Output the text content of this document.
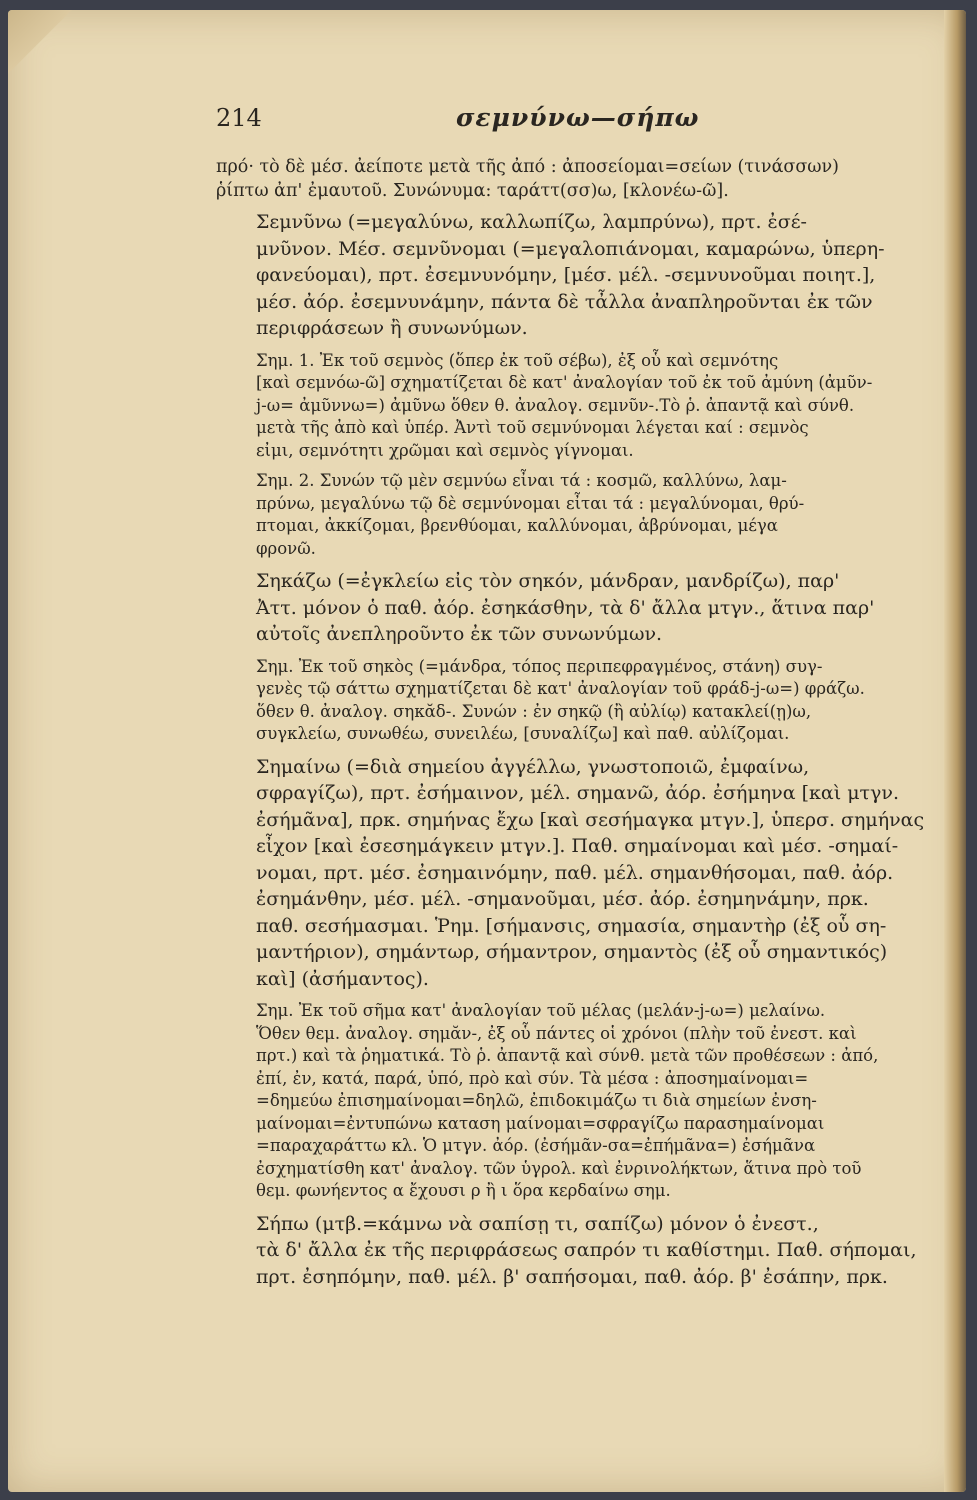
214	σεμνύνω—σήπω

πρό· τὸ δὲ μέσ. ἀείποτε μετὰ τῆς ἀπό : ἀποσείομαι=σείων (τινάσσων)
ῥίπτω ἀπ' ἐμαυτοῦ. Συνώνυμα: ταράττ(σσ)ω, [κλονέω-ῶ].

Σεμνῦνω (=μεγαλύνω, καλλωπίζω, λαμπρύνω), πρτ. ἐσέ-
μνῦνον. Μέσ. σεμνῦνομαι (=μεγαλοπιάνομαι, καμαρώνω, ὑπερη-
φανεύομαι), πρτ. ἐσεμνυνόμην, [μέσ. μέλ. -σεμνυνοῦμαι ποιητ.],
μέσ. ἀόρ. ἐσεμνυνάμην, πάντα δὲ τἆλλα ἀναπληροῦνται ἐκ τῶν
περιφράσεων ἢ συνωνύμων.

Σημ. 1. Ἐκ τοῦ σεμνὸς (ὅπερ ἐκ τοῦ σέβω), ἐξ οὗ καὶ σεμνότης
[καὶ σεμνόω-ῶ] σχηματίζεται δὲ κατ' ἀναλογίαν τοῦ ἐκ τοῦ ἀμύνη (ἀμῦν-
j-ω= ἀμῦννω=) ἀμῦνω ὅθεν θ. ἀναλογ. σεμνῦν-.Τὸ ῥ. ἀπαντᾷ καὶ σύνθ.
μετὰ τῆς ἀπὸ καὶ ὑπέρ. Ἀντὶ τοῦ σεμνύνομαι λέγεται καί : σεμνὸς
εἰμι, σεμνότητι χρῶμαι καὶ σεμνὸς γίγνομαι.

Σημ. 2. Συνών τῷ μὲν σεμνύω εἶναι τά : κοσμῶ, καλλύνω, λαμ-
πρύνω, μεγαλύνω τῷ δὲ σεμνύνομαι εἶται τά : μεγαλύνομαι, θρύ-
πτομαι, ἀκκίζομαι, βρενθύομαι, καλλύνομαι, ἁβρύνομαι, μέγα
φρονῶ.

Σηκάζω (=ἐγκλείω εἰς τὸν σηκόν, μάνδραν, μανδρίζω), παρ'
Ἀττ. μόνον ὁ παθ. ἀόρ. ἐσηκάσθην, τὰ δ' ἄλλα μτγν., ἅτινα παρ'
αὐτοῖς ἀνεπληροῦντο ἐκ τῶν συνωνύμων.

Σημ. Ἐκ τοῦ σηκὸς (=μάνδρα, τόπος περιπεφραγμένος, στάνη) συγ-
γενὲς τῷ σάττω σχηματίζεται δὲ κατ' ἀναλογίαν τοῦ φράδ-j-ω=) φράζω.
ὅθεν θ. ἀναλογ. σηκᾰδ-. Συνών : ἐν σηκῷ (ἢ αὐλίῳ) κατακλεί(ῃ)ω,
συγκλείω, συνωθέω, συνειλέω, [συναλίζω] καὶ παθ. αὐλίζομαι.

Σημαίνω (=διὰ σημείου ἀγγέλλω, γνωστοποιῶ, ἐμφαίνω,
σφραγίζω), πρτ. ἐσήμαινον, μέλ. σημανῶ, ἀόρ. ἐσήμηνα [καὶ μτγν.
ἐσήμᾶνα], πρκ. σημήνας ἔχω [καὶ σεσήμαγκα μτγν.], ὑπερσ. σημήνας
εἶχον [καὶ ἐσεσημάγκειν μτγν.]. Παθ. σημαίνομαι καὶ μέσ. -σημαί-
νομαι, πρτ. μέσ. ἐσημαινόμην, παθ. μέλ. σημανθήσομαι, παθ. ἀόρ.
ἐσημάνθην, μέσ. μέλ. -σημανοῦμαι, μέσ. ἀόρ. ἐσημηνάμην, πρκ.
παθ. σεσήμασμαι. Ῥημ. [σήμανσις, σημασία, σημαντὴρ (ἐξ οὗ ση-
μαντήριον), σημάντωρ, σήμαντρον, σημαντὸς (ἐξ οὗ σημαντικός)
καὶ] (ἀσήμαντος).

Σημ. Ἐκ τοῦ σῆμα κατ' ἀναλογίαν τοῦ μέλας (μελάν-j-ω=) μελαίνω.
Ὅθεν θεμ. ἀναλογ. σημᾰν-, ἐξ οὗ πάντες οἱ χρόνοι (πλὴν τοῦ ἐνεστ. καὶ
πρτ.) καὶ τὰ ῥηματικά. Τὸ ῥ. ἀπαντᾷ καὶ σύνθ. μετὰ τῶν προθέσεων : ἀπό,
ἐπί, ἐν, κατά, παρά, ὑπό, πρὸ καὶ σύν. Τὰ μέσα : ἀποσημαίνομαι=
=δημεύω ἐπισημαίνομαι=δηλῶ, ἐπιδοκιμάζω τι διὰ σημείων ἐνση-
μαίνομαι=ἐντυπώνω καταση μαίνομαι=σφραγίζω παρασημαίνομαι
=παραχαράττω κλ. Ὁ μτγν. ἀόρ. (ἐσήμᾶν-σα=ἐπήμᾶνα=) ἐσήμᾶνα
ἐσχηματίσθη κατ' ἀναλογ. τῶν ὑγρολ. καὶ ἐνρινολήκτων, ἅτινα πρὸ τοῦ
θεμ. φωνήεντος α ἔχουσι ρ ἢ ι ὅρα κερδαίνω σημ.

Σήπω (μτβ.=κάμνω νὰ σαπίσῃ τι, σαπίζω) μόνον ὁ ἐνεστ.,
τὰ δ' ἄλλα ἐκ τῆς περιφράσεως σαπρόν τι καθίστημι. Παθ. σήπομαι,
πρτ. ἐσηπόμην, παθ. μέλ. β' σαπήσομαι, παθ. ἀόρ. β' ἐσάπην, πρκ.
